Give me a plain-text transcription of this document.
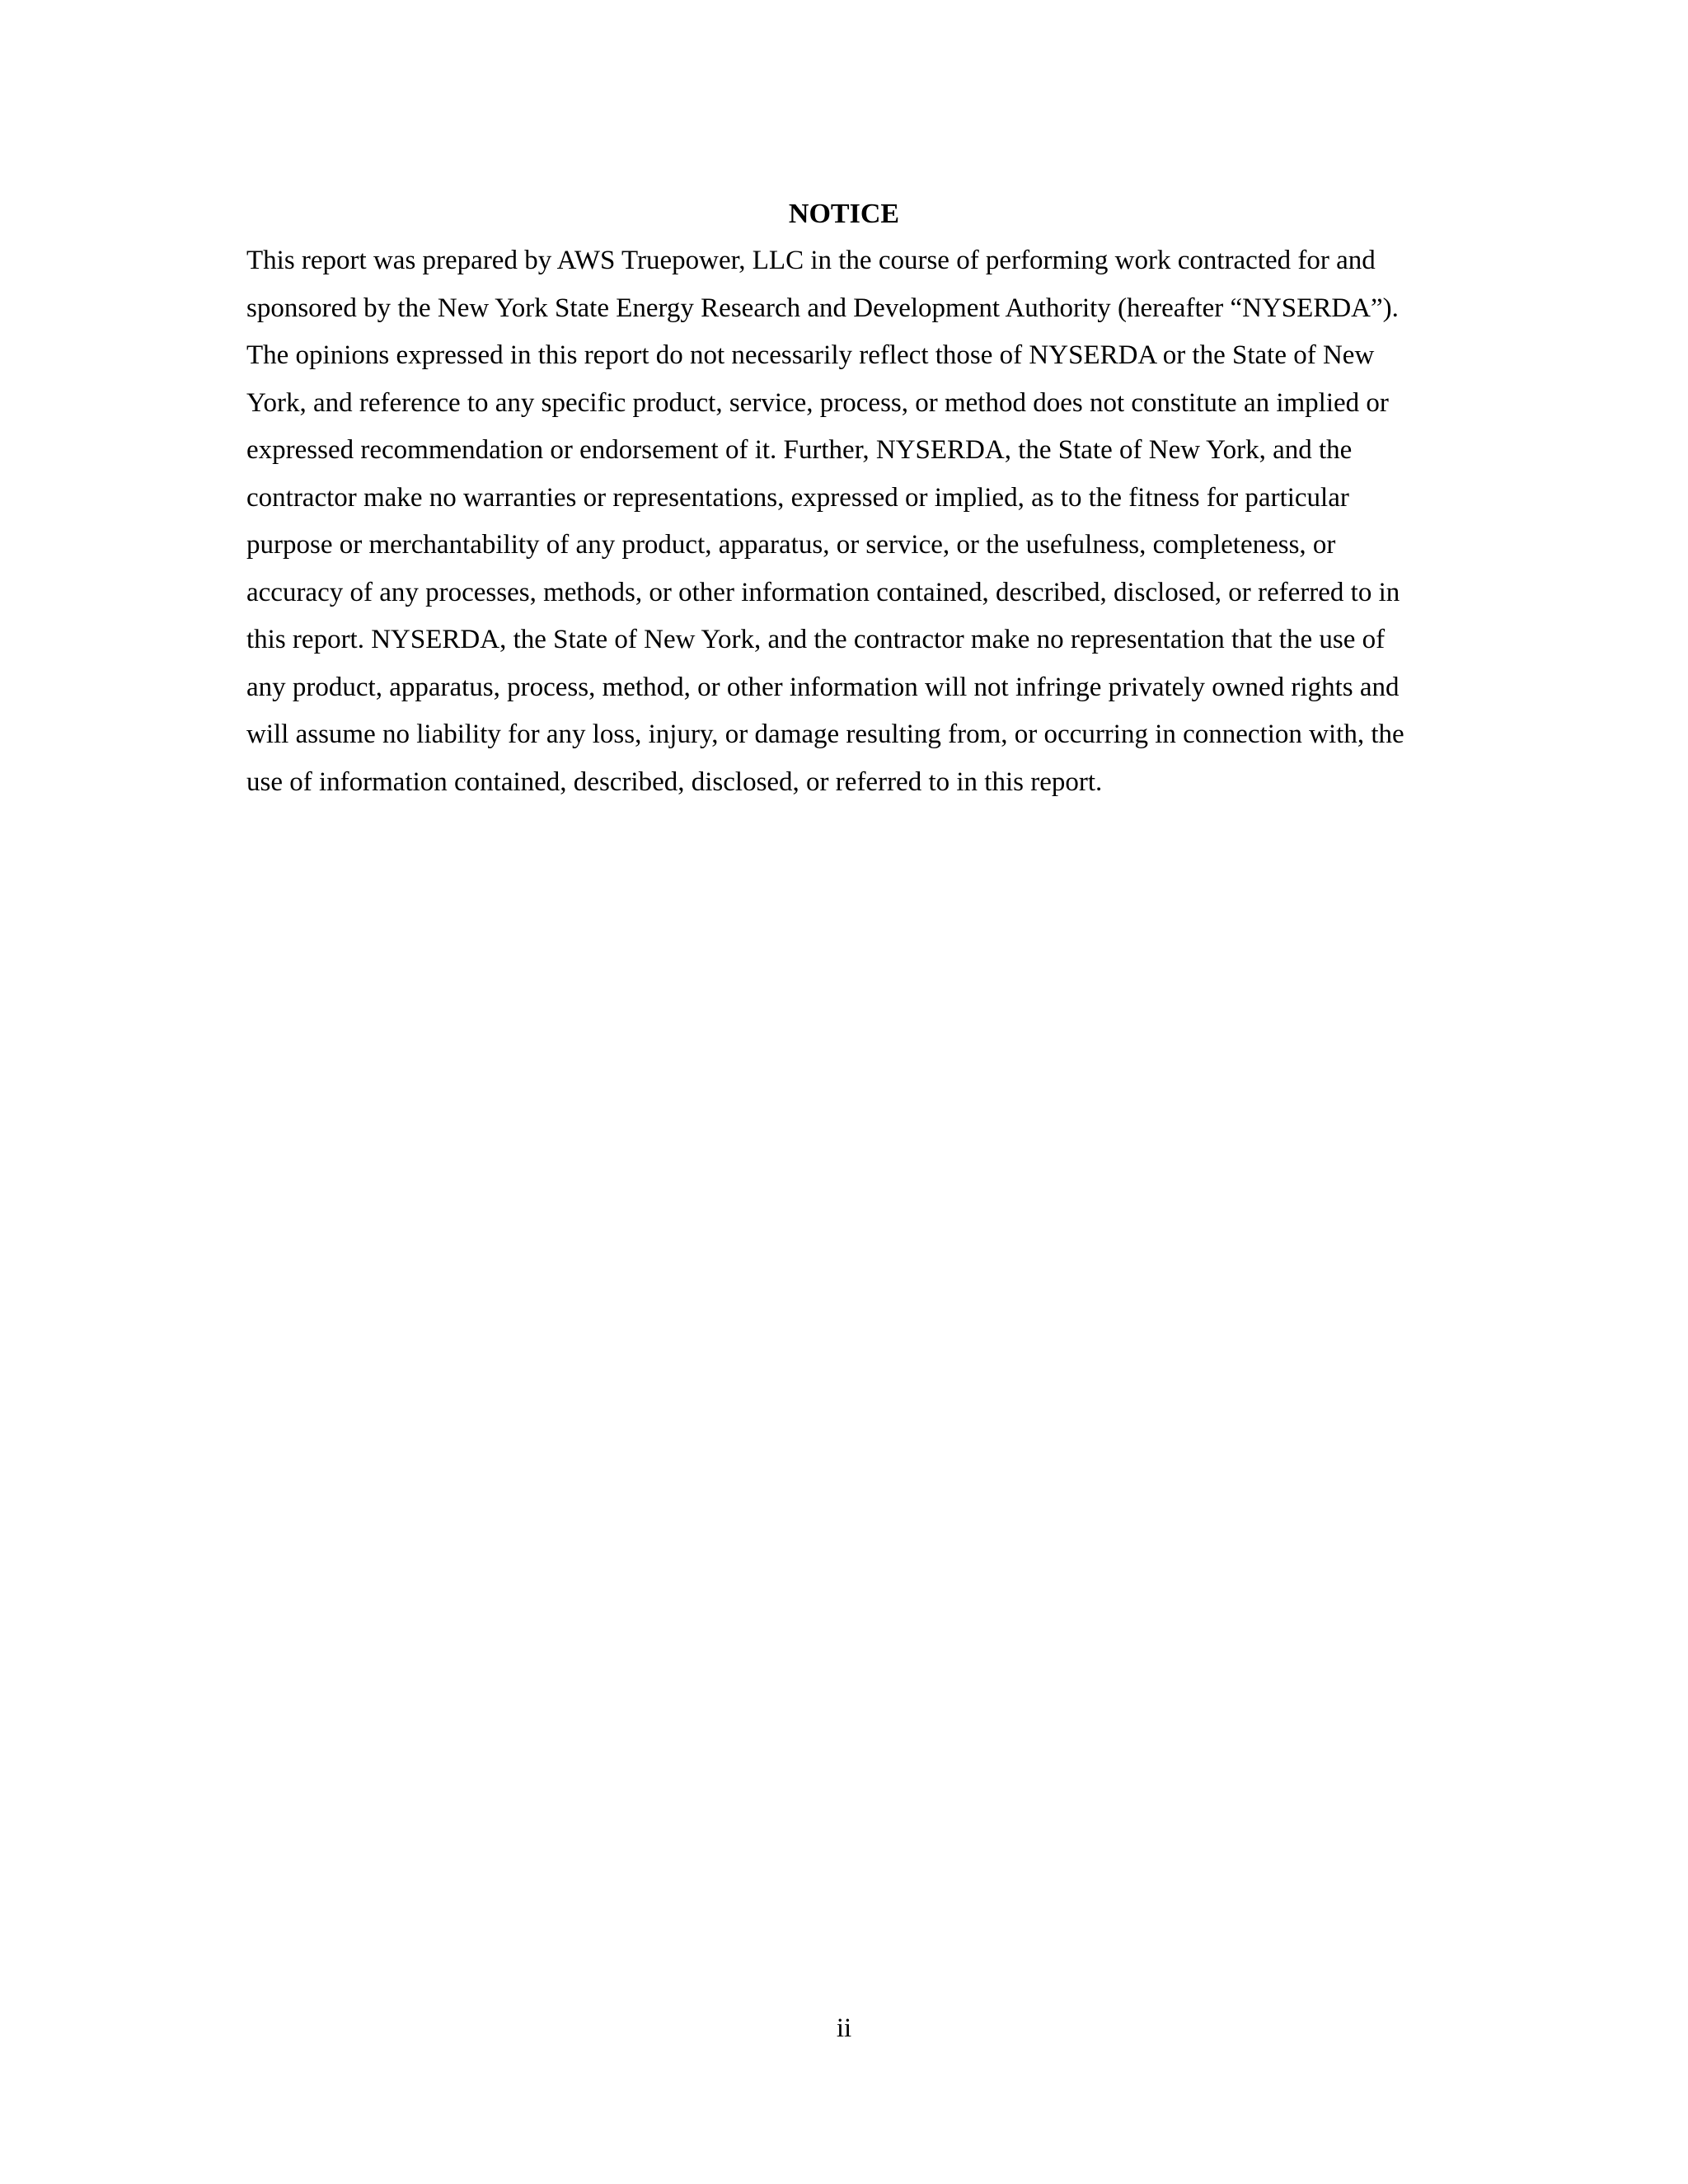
NOTICE
This report was prepared by AWS Truepower, LLC in the course of performing work contracted for and
sponsored by the New York State Energy Research and Development Authority (hereafter “NYSERDA”).
The opinions expressed in this report do not necessarily reflect those of NYSERDA or the State of New
York, and reference to any specific product, service, process, or method does not constitute an implied or
expressed recommendation or endorsement of it. Further, NYSERDA, the State of New York, and the
contractor make no warranties or representations, expressed or implied, as to the fitness for particular
purpose or merchantability of any product, apparatus, or service, or the usefulness, completeness, or
accuracy of any processes, methods, or other information contained, described, disclosed, or referred to in
this report. NYSERDA, the State of New York, and the contractor make no representation that the use of
any product, apparatus, process, method, or other information will not infringe privately owned rights and
will assume no liability for any loss, injury, or damage resulting from, or occurring in connection with, the
use of information contained, described, disclosed, or referred to in this report.
ii
